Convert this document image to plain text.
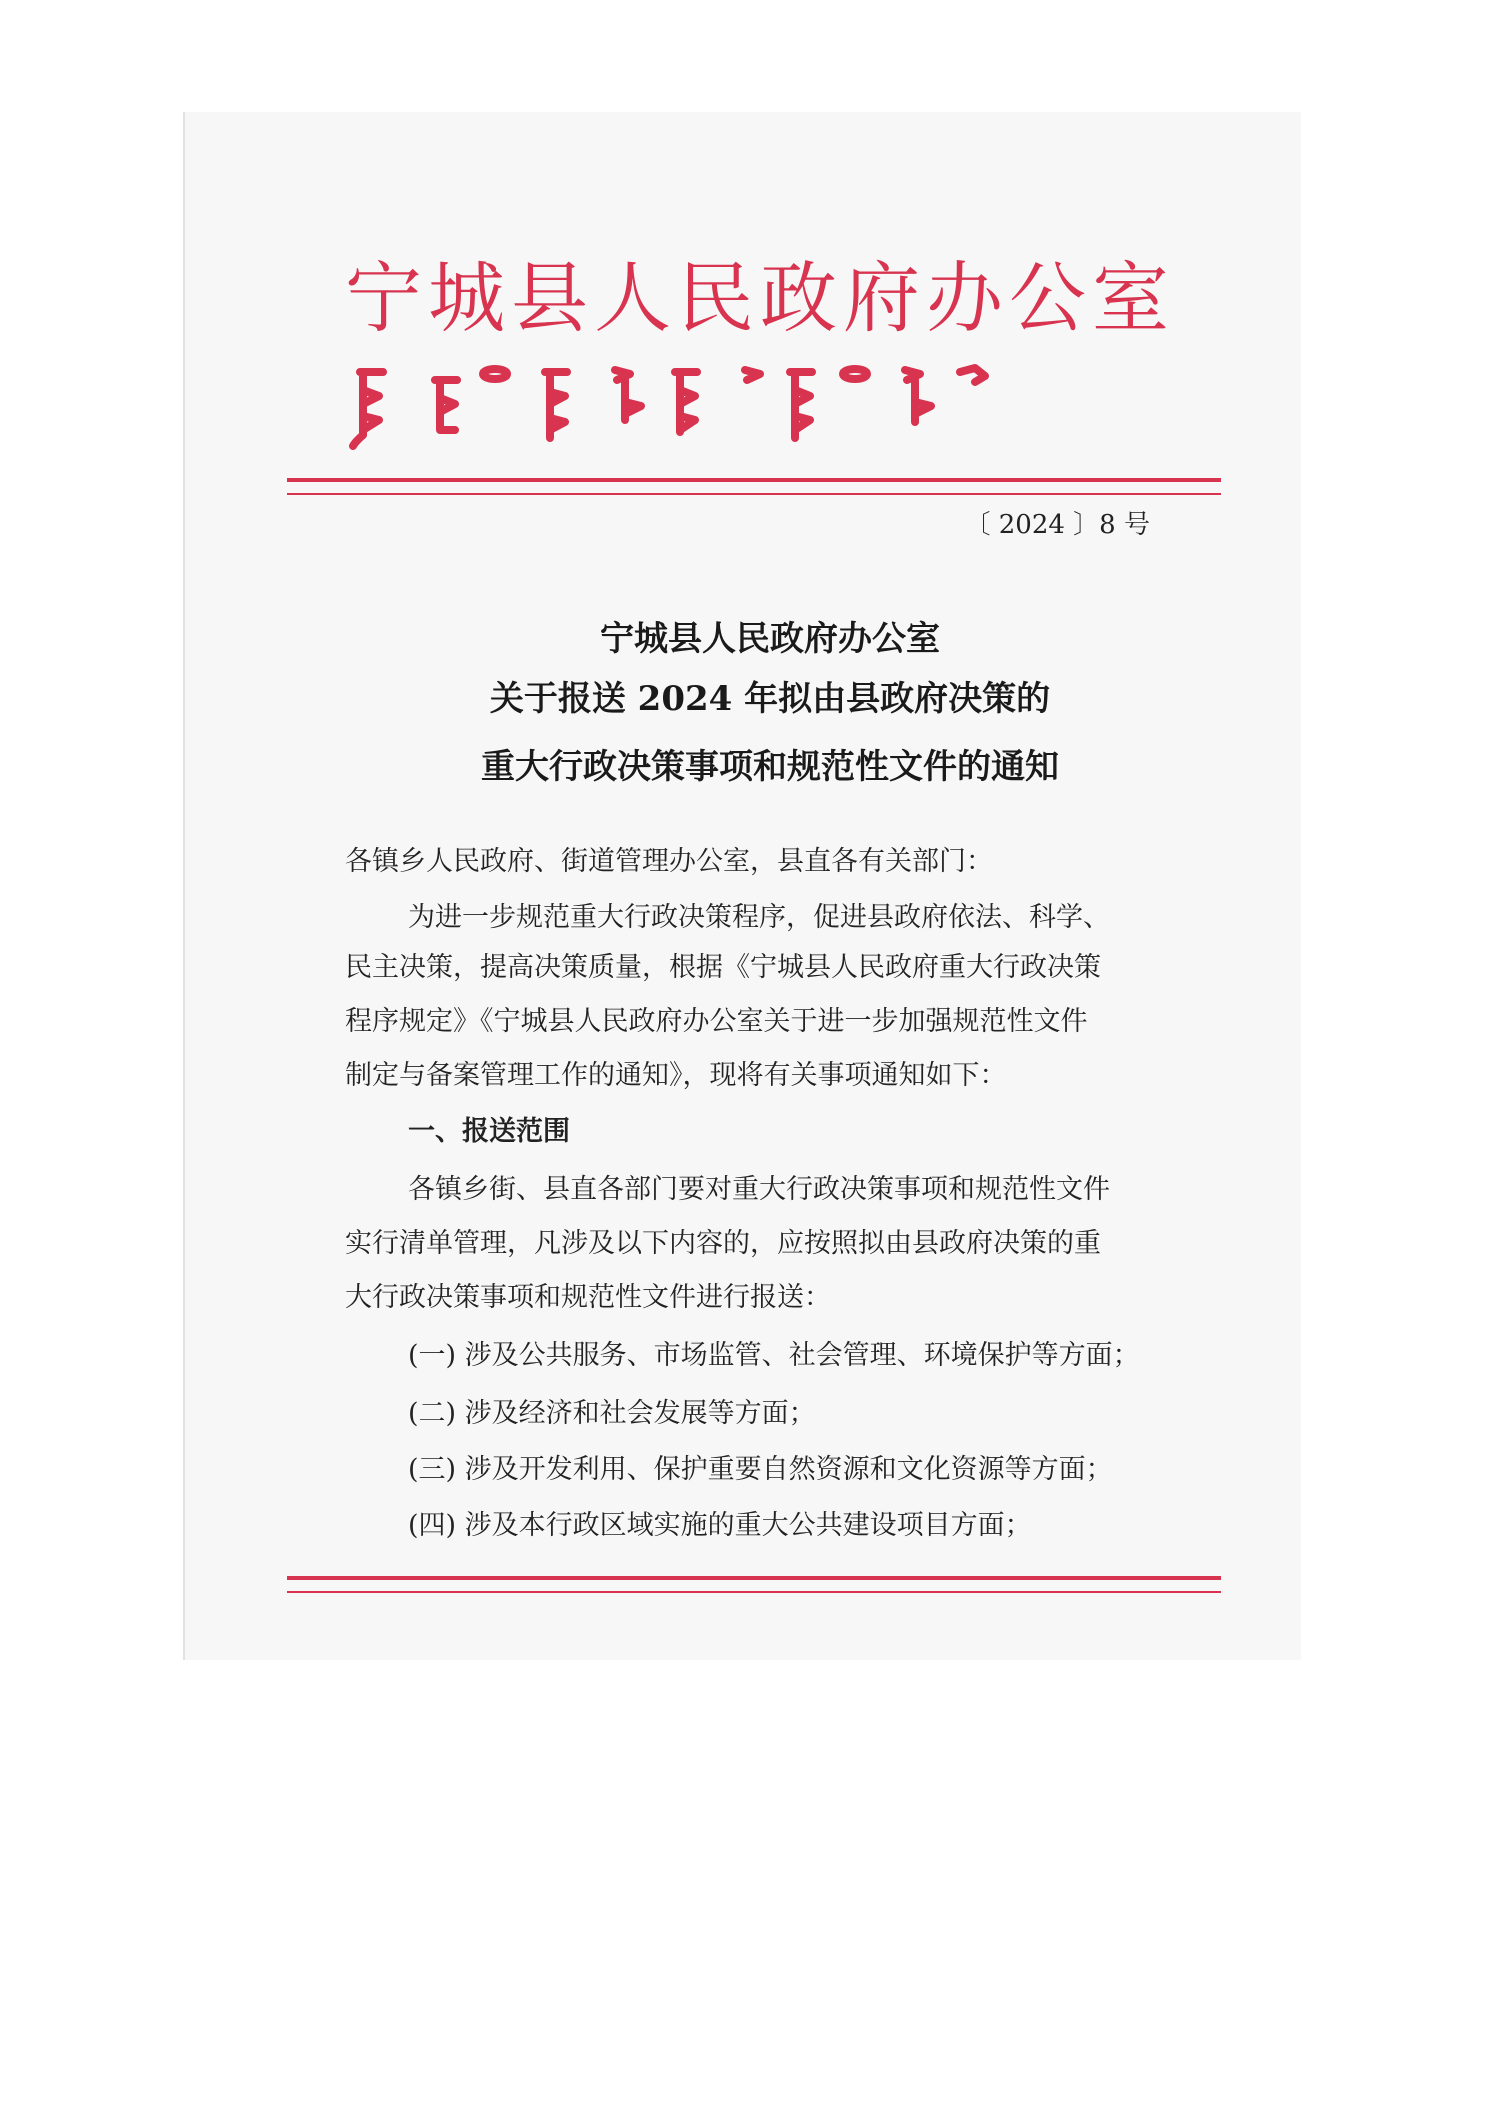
宁城县人民政府办公室
〔 2024 〕8 号
宁城县人民政府办公室
关于报送 2024 年拟由县政府决策的
重大行政决策事项和规范性文件的通知
各镇乡人民政府、街道管理办公室，县直各有关部门：
为进一步规范重大行政决策程序，促进县政府依法、科学、
民主决策，提高决策质量，根据《宁城县人民政府重大行政决策
程序规定》《宁城县人民政府办公室关于进一步加强规范性文件
制定与备案管理工作的通知》，现将有关事项通知如下：
一、报送范围
各镇乡街、县直各部门要对重大行政决策事项和规范性文件
实行清单管理，凡涉及以下内容的，应按照拟由县政府决策的重
大行政决策事项和规范性文件进行报送：
(一) 涉及公共服务、市场监管、社会管理、环境保护等方面；
(二) 涉及经济和社会发展等方面；
(三) 涉及开发利用、保护重要自然资源和文化资源等方面；
(四) 涉及本行政区域实施的重大公共建设项目方面；
